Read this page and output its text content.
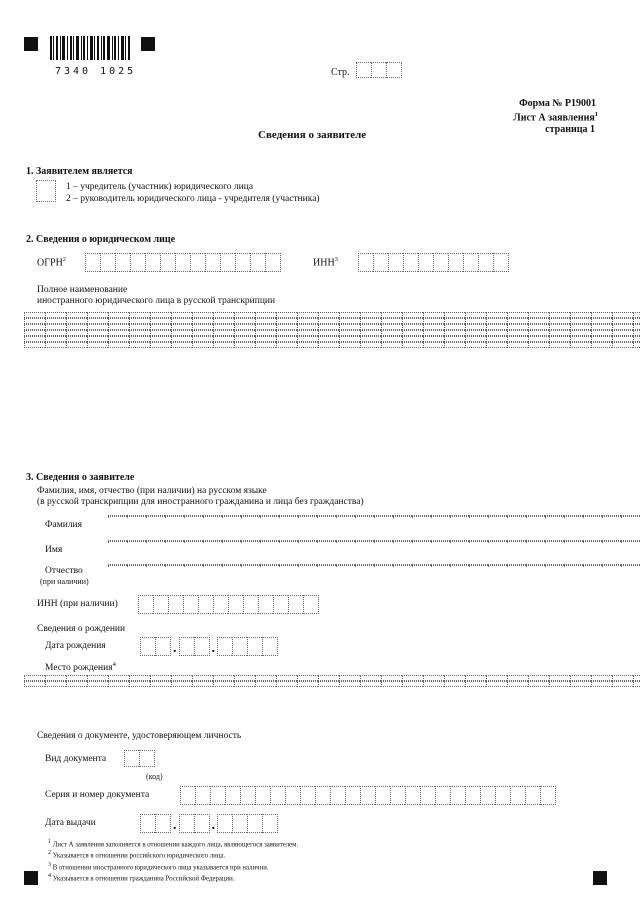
7340 1025	Стр.
Форма № Р19001
Лист А заявления$^1$
страница 1
Сведения о заявителе
1. Заявителем является
1 – учредитель (участник) юридического лица
2 – руководитель юридического лица - учредителя (участника)
2. Сведения о юридическом лице
ОГРН$^2$	ИНН$^3$
Полное наименование
иностранного юридического лица в русской транскрипции
3. Сведения о заявителе
Фамилия, имя, отчество (при наличии) на русском языке
(в русской транскрипции для иностранного гражданина и лица без гражданства)
Фамилия
Имя
Отчество
(при наличии)
ИНН (при наличии)
Сведения о рождении
Дата рождения	.	.
Место рождения$^4$
Сведения о документе, удостоверяющем личность
Вид документа
(код)
Серия и номер документа
Дата выдачи	.	.
$^1$ Лист А заявления заполняется в отношении каждого лица, являющегося заявителем.
$^2$ Указывается в отношении российского юридического лица.
$^3$ В отношении иностранного юридического лица указывается при наличии.
$^4$ Указывается в отношении гражданина Российской Федерации.
